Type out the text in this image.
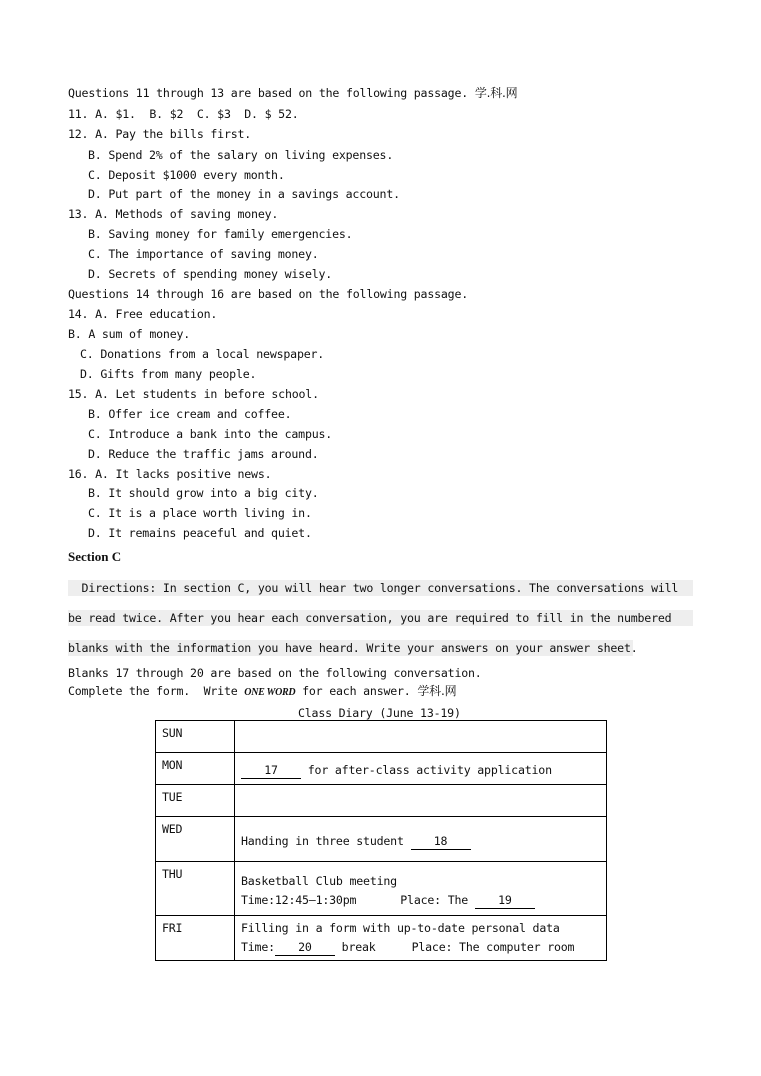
Questions 11 through 13 are based on the following passage. 学.科.网
11. A. $1.  B. $2  C. $3  D. $ 52.
12. A. Pay the bills first.
B. Spend 2% of the salary on living expenses.
C. Deposit $1000 every month.
D. Put part of the money in a savings account.
13. A. Methods of saving money.
B. Saving money for family emergencies.
C. The importance of saving money.
D. Secrets of spending money wisely.
Questions 14 through 16 are based on the following passage.
14. A. Free education.
B. A sum of money.
C. Donations from a local newspaper.
D. Gifts from many people.
15. A. Let students in before school.
B. Offer ice cream and coffee.
C. Introduce a bank into the campus.
D. Reduce the traffic jams around.
16. A. It lacks positive news.
B. It should grow into a big city.
C. It is a place worth living in.
D. It remains peaceful and quiet.
Section C
Directions: In section C, you will hear two longer conversations. The conversations will
be read twice. After you hear each conversation, you are required to fill in the numbered
blanks with the information you have heard. Write your answers on your answer sheet.
Blanks 17 through 20 are based on the following conversation.
Complete the form.  Write ONE WORD for each answer. 学科.网
Class Diary (June 13-19)
SUN	
MON	17 for after-class activity application
TUE	
WED	Handing in three student 18
THU	Basketball Club meeting
Time:12:45—1:30pm Place: The 19

FRI	Filling in a form with up-to-date personal data
Time: 20 break Place: The computer room
